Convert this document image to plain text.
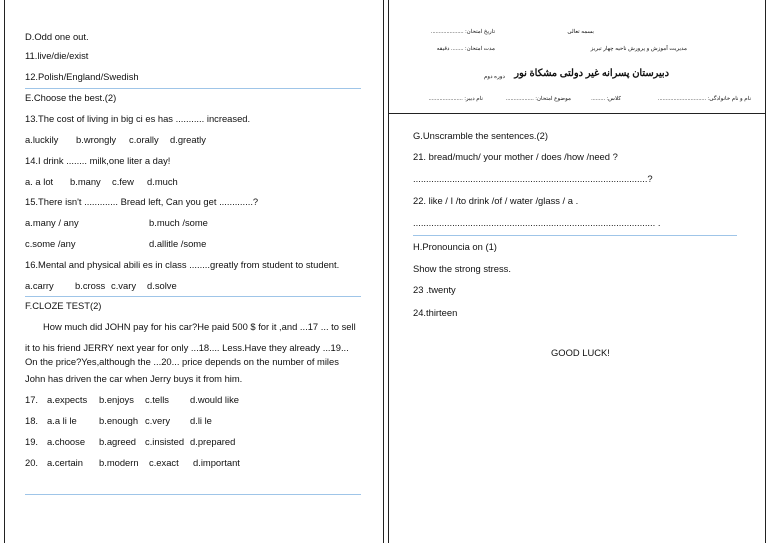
D.Odd one out.
11.live/die/exist
12.Polish/England/Swedish
E.Choose the best.(2)
13.The cost of living in big ci es has ........... increased.
a.luckily b.wrongly c.orally d.greatly
14.I drink ........ milk,one liter a day!
a. a lot b.many c.few d.much
15.There isn't ............. Bread left, Can you get .............?
a.many / any	b.much /some
c.some /any	d.allitle /some
16.Mental and physical abili es in class ........greatly from student to student.
a.carry b.cross c.vary d.solve
F.CLOZE TEST(2)
How much did JOHN pay for his car?He paid 500 $ for it ,and ...17 ... to sell
it to his friend JERRY next year for only ...18.... Less.Have they already ...19...
On the price?Yes,although the ...20... price depends on the number of miles
John has driven the car when Jerry buys it from him.
17. a.expects b.enjoys c.tells d.would like
18. a.a li le b.enough c.very d.li le
19. a.choose b.agreed c.insisted d.prepared
20. a.certain b.modern c.exact d.important
بسمه تعالی
تاریخ امتحان: .....................
مدیریت آموزش و پرورش ناحیه چهار تبریز
مدت امتحان: ........ دقیقه
دبیرستان پسرانه غیر دولتی مشکاة نور
دوره دوم
نام و نام خانوادگی: ...............................
کلاس: .........
موضوع امتحان: ..................
نام دبیر: ......................
G.Unscramble the sentences.(2)
21. bread/much/ your mother / does /how /need ?
..........................................................................................?
22. like / I /to drink /of / water /glass / a .
............................................................................................. .
H.Pronouncia on (1)
Show the strong stress.
23 .twenty
24.thirteen
GOOD LUCK!
